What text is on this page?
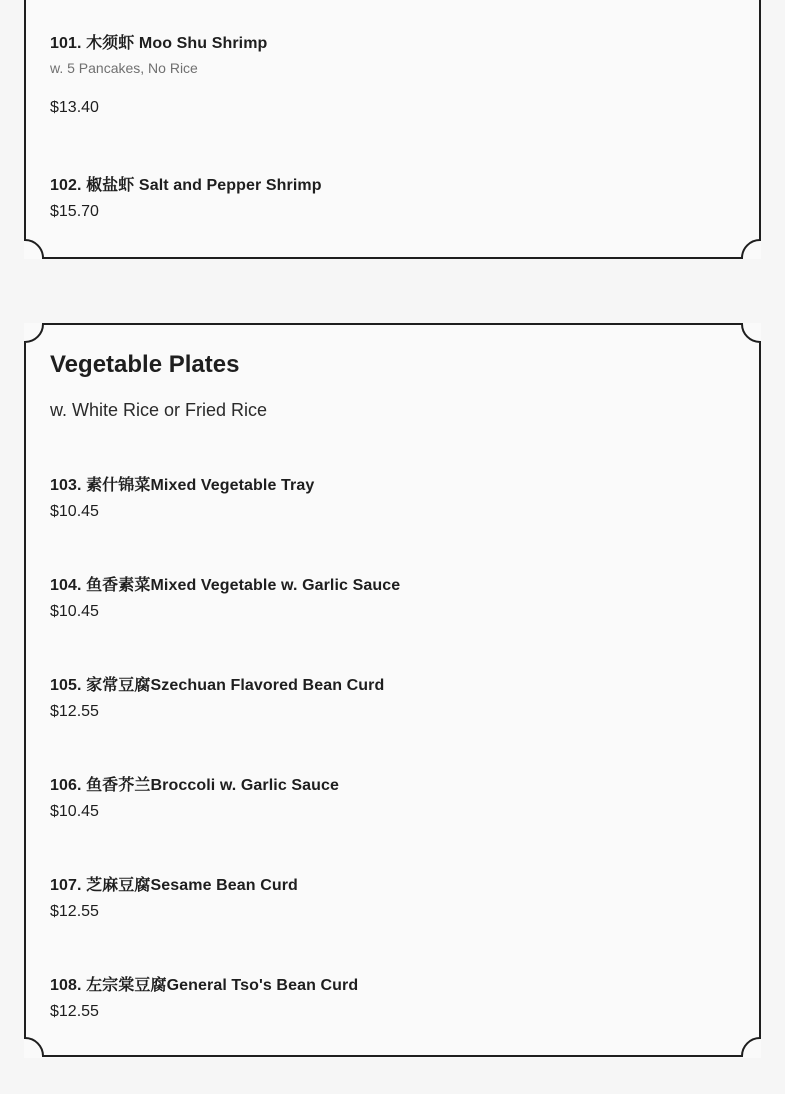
101. 木须虾 Moo Shu Shrimp
w. 5 Pancakes, No Rice
$13.40
102. 椒盐虾 Salt and Pepper Shrimp
$15.70
Vegetable Plates
w. White Rice or Fried Rice
103. 素什锦菜Mixed Vegetable Tray
$10.45
104. 鱼香素菜Mixed Vegetable w. Garlic Sauce
$10.45
105. 家常豆腐Szechuan Flavored Bean Curd
$12.55
106. 鱼香芥兰Broccoli w. Garlic Sauce
$10.45
107. 芝麻豆腐Sesame Bean Curd
$12.55
108. 左宗棠豆腐General Tso's Bean Curd
$12.55
